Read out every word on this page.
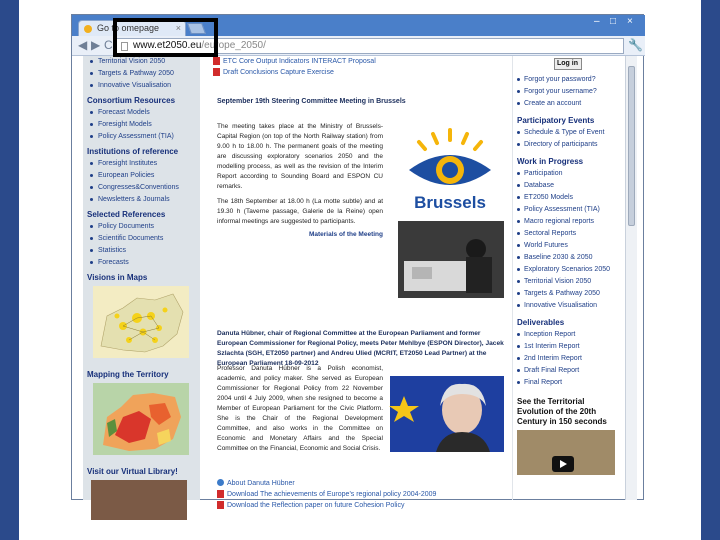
Go to omepage ×
– □ ×
◀ ▶ C	www.et2050.eu/europe_2050/	🔧
Territorial Vision 2050
Targets & Pathway 2050
Innovative Visualisation
Consortium Resources
Forecast Models
Foresight Models
Policy Assessment (TIA)
Institutions of reference
Foresight Institutes
European Policies
Congresses&Conventions
Newsletters & Journals
Selected References
Policy Documents
Scientific Documents
Statistics
Forecasts
Visions in Maps
Mapping the Territory
Visit our Virtual Library!
ETC Core Output Indicators INTERACT Proposal
Draft Conclusions Capture Exercise
September 19th Steering Committee Meeting in Brussels

The meeting takes place at the Ministry of Brussels-Capital Region (on top of the North Railway station) from 9.00 h to 18.00 h. The permanent goals of the meeting are discussing exploratory scenarios 2050 and the modelling process, as well as the revision of the Interim Report according to Sounding Board and ESPON CU remarks.

The 18th September at 18.00 h (La motte subtle) and at 19.30 h (Taverne passage, Galerie de la Reine) open informal meetings are suggested to participants.

Materials of the Meeting

Brussels
Danuta Hübner, chair of Regional Committee at the European Parliament and former European Commissioner for Regional Policy, meets Peter Mehlbye (ESPON Director), Jacek Szlachta (SGH, ET2050 partner) and Andreu Ulied (MCRIT, ET2050 Lead Partner) at the European Parliament 18-09-2012

Professor Danuta Hübner is a Polish economist, academic, and policy maker. She served as European Commissioner for Regional Policy from 22 November 2004 until 4 July 2009, when she resigned to become a Member of European Parliament for the Civic Platform. She is the Chair of the Regional Development Committee, and also works in the Committee on Economic and Monetary Affairs and the Special Committee on the Financial, Economic and Social Crisis.

About Danuta Hübner
Download The achievements of Europe's regional policy 2004-2009
Download the Reflection paper on future Cohesion Policy
Log in
Forgot your password?
Forgot your username?
Create an account
Participatory Events
Schedule & Type of Event
Directory of participants
Work in Progress
Participation
Database
ET2050 Models
Policy Assessment (TIA)
Macro regional reports
Sectoral Reports
World Futures
Baseline 2030 & 2050
Exploratory Scenarios 2050
Territorial Vision 2050
Targets & Pathway 2050
Innovative Visualisation
Deliverables
Inception Report
1st Interim Report
2nd Interim Report
Draft Final Report
Final Report
See the Territorial Evolution of the 20th Century in 150 seconds
